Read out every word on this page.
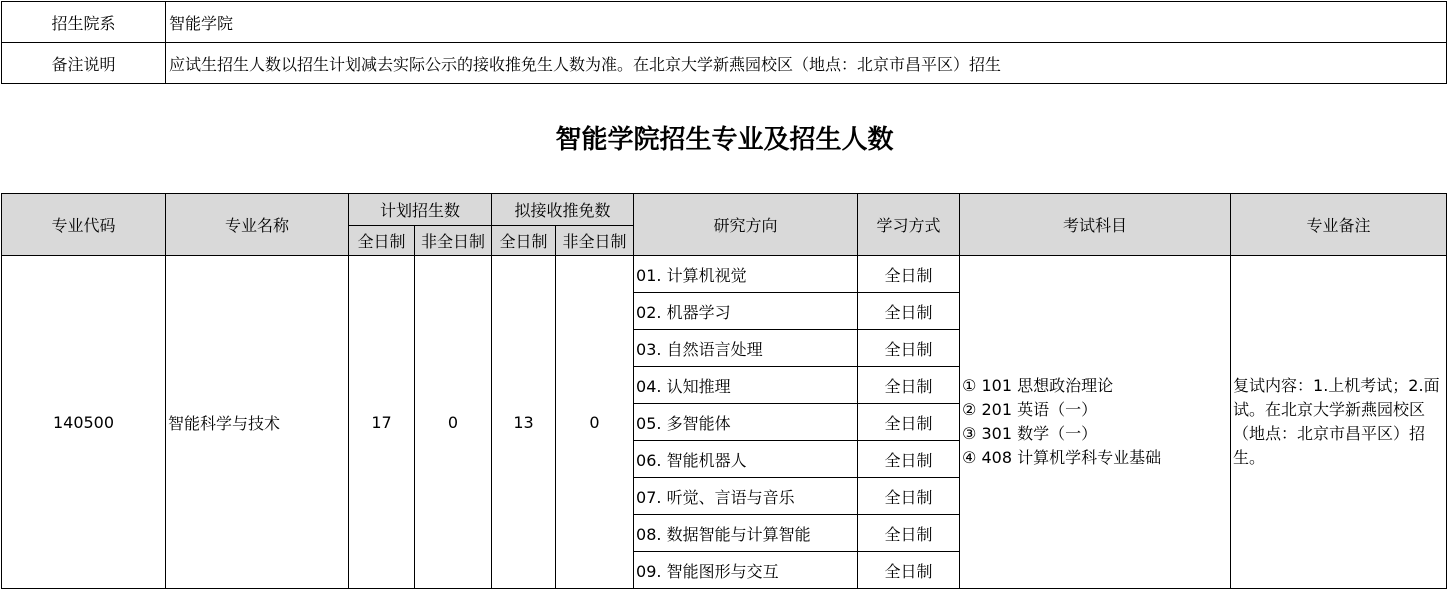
招生院系	智能学院
备注说明	应试生招生人数以招生计划减去实际公示的接收推免生人数为准。在北京大学新燕园校区（地点：北京市昌平区）招生
智能学院招生专业及招生人数
专业代码	专业名称	计划招生数		拟接收推免数		研究方向	学习方式	考试科目	专业备注
		全日制	非全日制	全日制	非全日制				
140500	智能科学与技术	17	0	13	0	01. 计算机视觉	全日制	① 101 思想政治理论
② 201 英语（一）
③ 301 数学（一）
④ 408 计算机学科专业基础	复试内容：1.上机考试；2.面试。在北京大学新燕园校区（地点：北京市昌平区）招生。
						02. 机器学习	全日制		
						03. 自然语言处理	全日制		
						04. 认知推理	全日制		
						05. 多智能体	全日制		
						06. 智能机器人	全日制		
						07. 听觉、言语与音乐	全日制		
						08. 数据智能与计算智能	全日制		
						09. 智能图形与交互	全日制		
